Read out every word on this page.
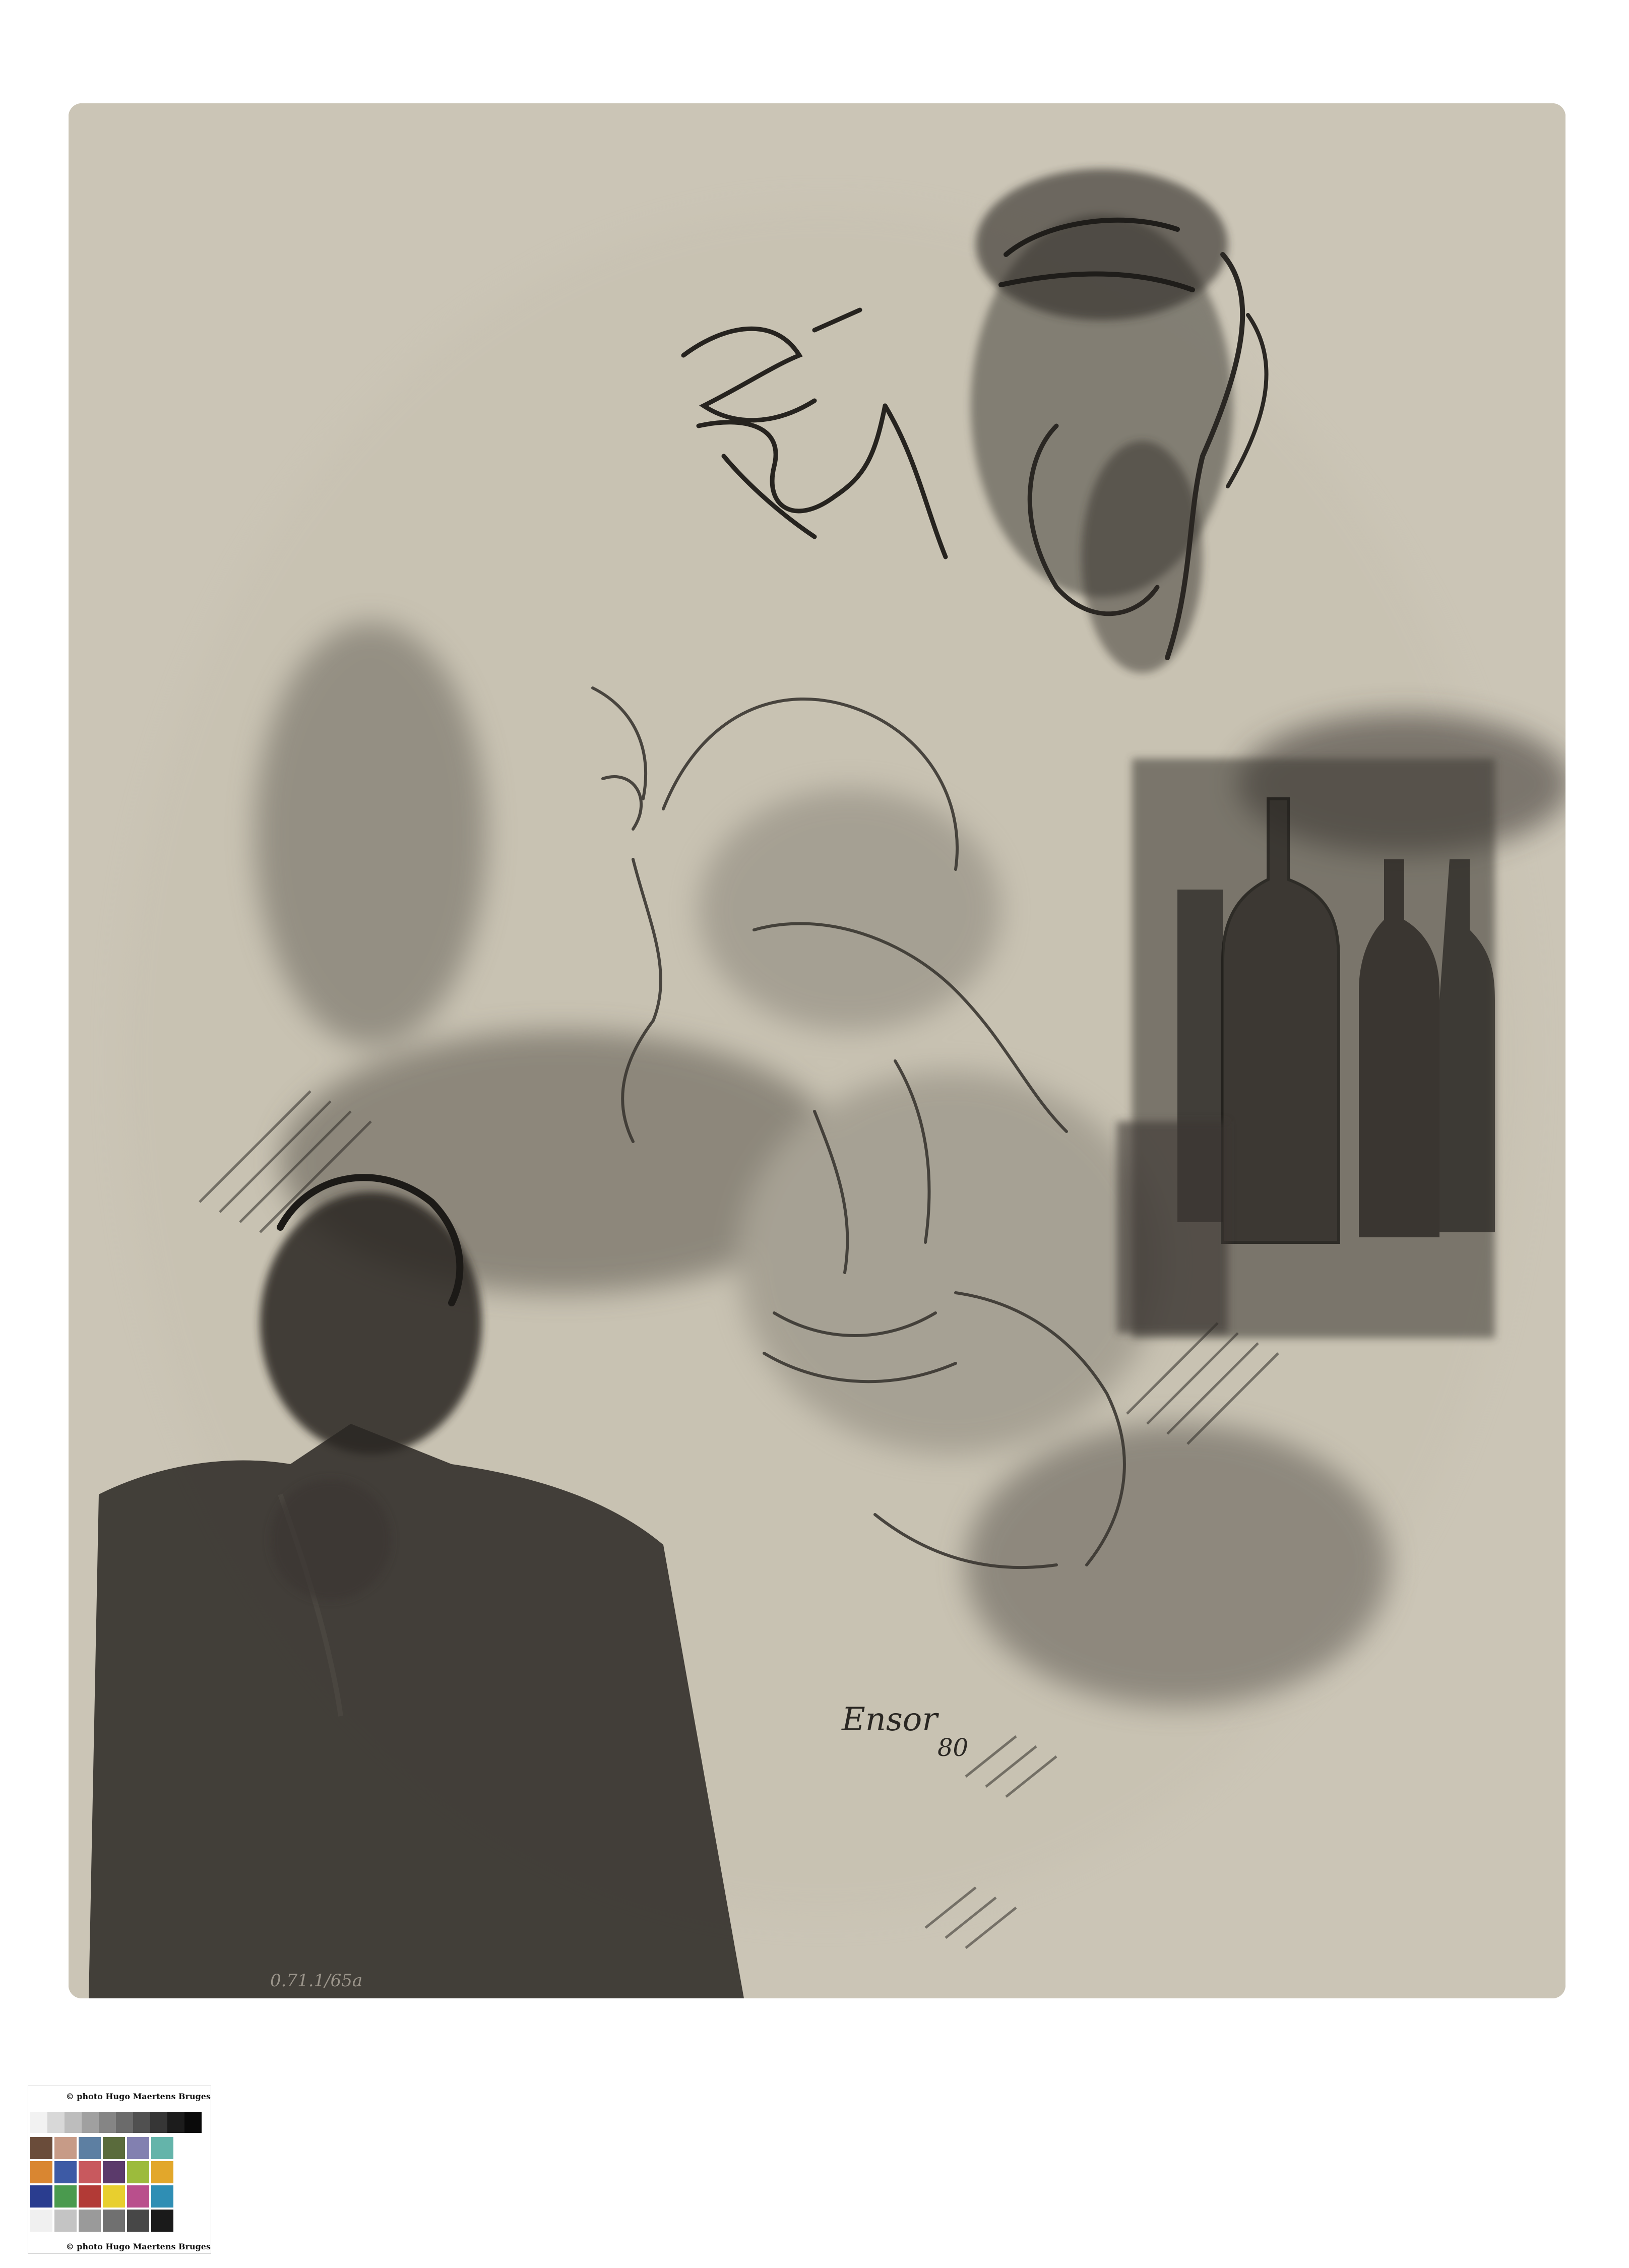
0.71.1/65a

Ensor

80

© photo Hugo Maertens Bruges
© photo Hugo Maertens Bruges
